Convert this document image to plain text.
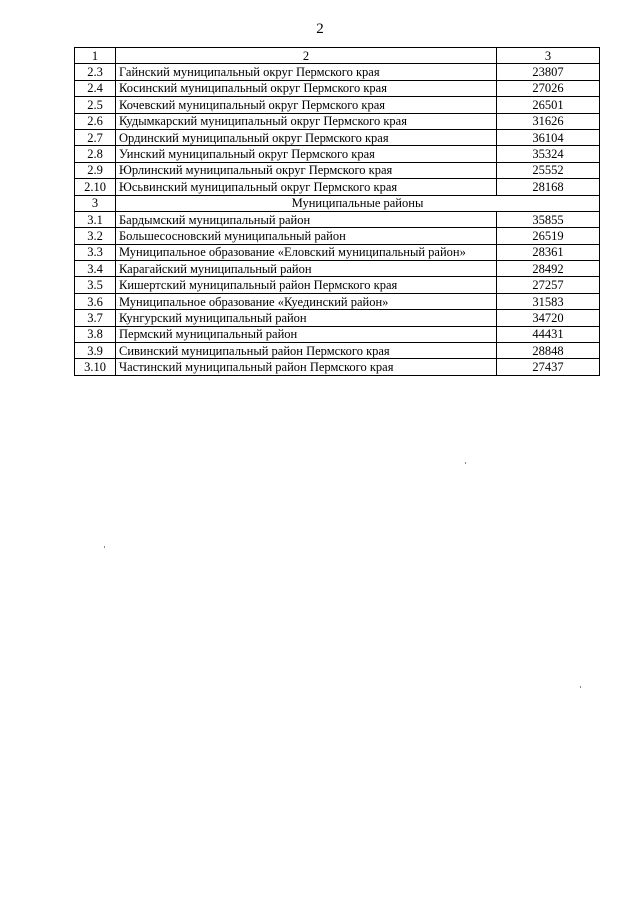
2
1	2	3
2.3	Гайнский муниципальный округ Пермского края	23807
2.4	Косинский муниципальный округ Пермского края	27026
2.5	Кочевский муниципальный округ Пермского края	26501
2.6	Кудымкарский муниципальный округ Пермского края	31626
2.7	Ординский муниципальный округ Пермского края	36104
2.8	Уинский муниципальный округ Пермского края	35324
2.9	Юрлинский муниципальный округ Пермского края	25552
2.10	Юсьвинский муниципальный округ Пермского края	28168
3	Муниципальные районы	
3.1	Бардымский муниципальный район	35855
3.2	Большесосновский муниципальный район	26519
3.3	Муниципальное образование «Еловский муниципальный район»	28361
3.4	Карагайский муниципальный район	28492
3.5	Кишертский муниципальный район Пермского края	27257
3.6	Муниципальное образование «Куединский район»	31583
3.7	Кунгурский муниципальный район	34720
3.8	Пермский муниципальный район	44431
3.9	Сивинский муниципальный район Пермского края	28848
3.10	Частинский муниципальный район Пермского края	27437
